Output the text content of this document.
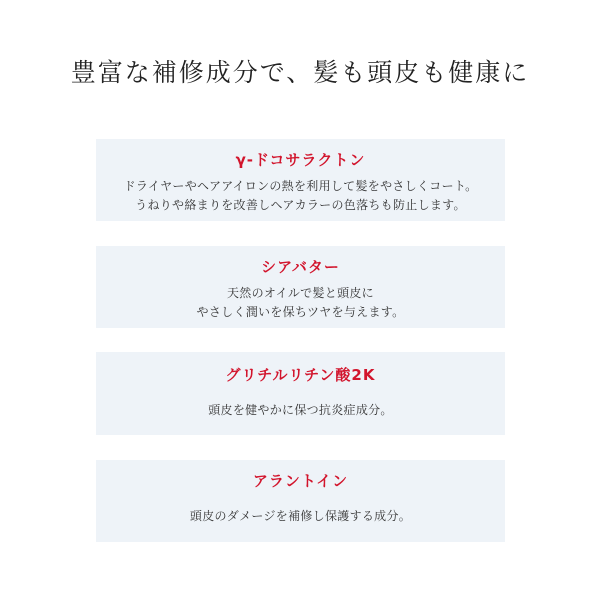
豊富な補修成分で、髪も頭皮も健康に
γ-ドコサラクトン
ドライヤーやヘアアイロンの熱を利用して髪をやさしくコート。
うねりや絡まりを改善しヘアカラーの色落ちも防止します。
シアバター
天然のオイルで髪と頭皮に
やさしく潤いを保ちツヤを与えます。
グリチルリチン酸2K
頭皮を健やかに保つ抗炎症成分。
アラントイン
頭皮のダメージを補修し保護する成分。
